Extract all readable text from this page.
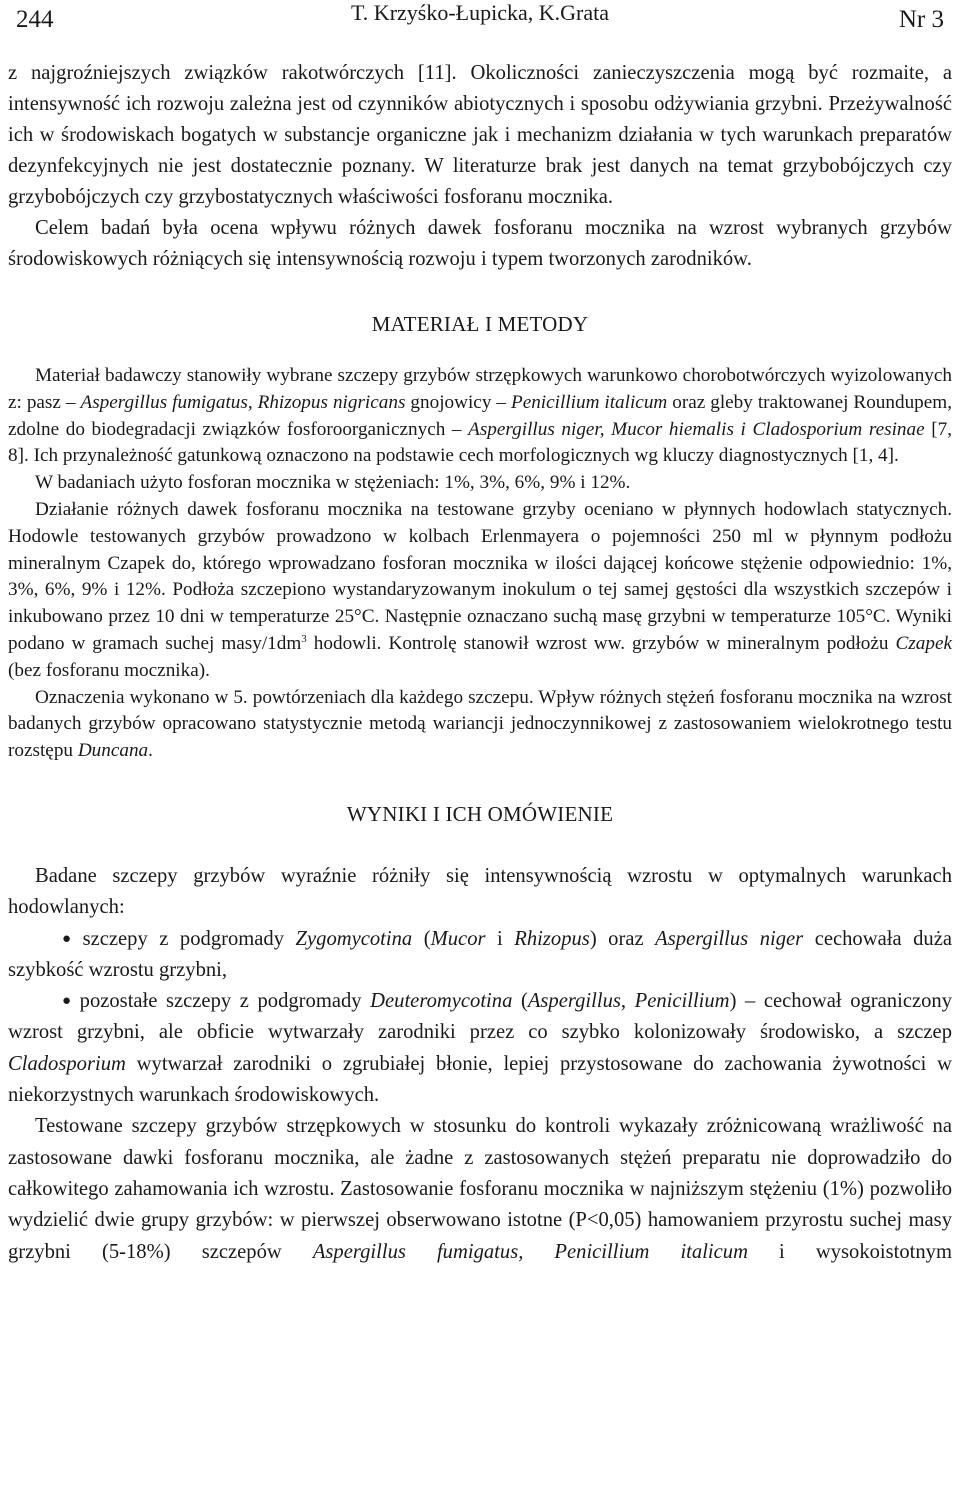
244	T. Krzyśko-Łupicka, K.Grata	Nr 3

z najgroźniejszych związków rakotwórczych [11]. Okoliczności zanieczyszczenia mogą być rozmaite, a intensywność ich rozwoju zależna jest od czynników abiotycznych i sposobu odżywiania grzybni. Przeżywalność ich w środowiskach bogatych w substancje organiczne jak i mechanizm działania w tych warunkach preparatów dezynfekcyjnych nie jest dostatecznie poznany. W literaturze brak jest danych na temat grzybobójczych czy grzybobójczych czy grzybostatycznych właściwości fosforanu mocznika.

Celem badań była ocena wpływu różnych dawek fosforanu mocznika na wzrost wybranych grzybów środowiskowych różniących się intensywnością rozwoju i typem tworzonych zarodników.

MATERIAŁ I METODY

Materiał badawczy stanowiły wybrane szczepy grzybów strzępkowych warunkowo chorobotwórczych wyizolowanych z: pasz – Aspergillus fumigatus, Rhizopus nigricans gnojowicy – Penicillium italicum oraz gleby traktowanej Roundupem, zdolne do biodegradacji związków fosforoorganicznych – Aspergillus niger, Mucor hiemalis i Cladosporium resinae [7, 8]. Ich przynależność gatunkową oznaczono na podstawie cech morfologicznych wg kluczy diagnostycznych [1, 4].

W badaniach użyto fosforan mocznika w stężeniach: 1%, 3%, 6%, 9% i 12%.

Działanie różnych dawek fosforanu mocznika na testowane grzyby oceniano w płynnych hodowlach statycznych. Hodowle testowanych grzybów prowadzono w kolbach Erlenmayera o pojemności 250 ml w płynnym podłożu mineralnym Czapek do, którego wprowadzano fosforan mocznika w ilości dającej końcowe stężenie odpowiednio: 1%, 3%, 6%, 9% i 12%. Podłoża szczepiono wystandaryzowanym inokulum o tej samej gęstości dla wszystkich szczepów i inkubowano przez 10 dni w temperaturze 25°C. Następnie oznaczano suchą masę grzybni w temperaturze 105°C. Wyniki podano w gramach suchej masy/$1dm^3$ hodowli. Kontrolę stanowił wzrost ww. grzybów w mineralnym podłożu Czapek (bez fosforanu mocznika).

Oznaczenia wykonano w 5. powtórzeniach dla każdego szczepu. Wpływ różnych stężeń fosforanu mocznika na wzrost badanych grzybów opracowano statystycznie metodą wariancji jednoczynnikowej z zastosowaniem wielokrotnego testu rozstępu Duncana.

WYNIKI I ICH OMÓWIENIE

Badane szczepy grzybów wyraźnie różniły się intensywnością wzrostu w optymalnych warunkach hodowlanych:

● szczepy z podgromady Zygomycotina (Mucor i Rhizopus) oraz Aspergillus niger cechowała duża szybkość wzrostu grzybni,

● pozostałe szczepy z podgromady Deuteromycotina (Aspergillus, Penicillium) – cechował ograniczony wzrost grzybni, ale obficie wytwarzały zarodniki przez co szybko kolonizowały środowisko, a szczep Cladosporium wytwarzał zarodniki o zgrubiałej błonie, lepiej przystosowane do zachowania żywotności w niekorzystnych warunkach środowiskowych.

Testowane szczepy grzybów strzępkowych w stosunku do kontroli wykazały zróżnicowaną wrażliwość na zastosowane dawki fosforanu mocznika, ale żadne z zastosowanych stężeń preparatu nie doprowadziło do całkowitego zahamowania ich wzrostu. Zastosowanie fosforanu mocznika w najniższym stężeniu (1%) pozwoliło wydzielić dwie grupy grzybów: w pierwszej obserwowano istotne (P<0,05) hamowaniem przyrostu suchej masy grzybni (5-18%) szczepów Aspergillus fumigatus, Penicillium italicum i wysokoistotnym
